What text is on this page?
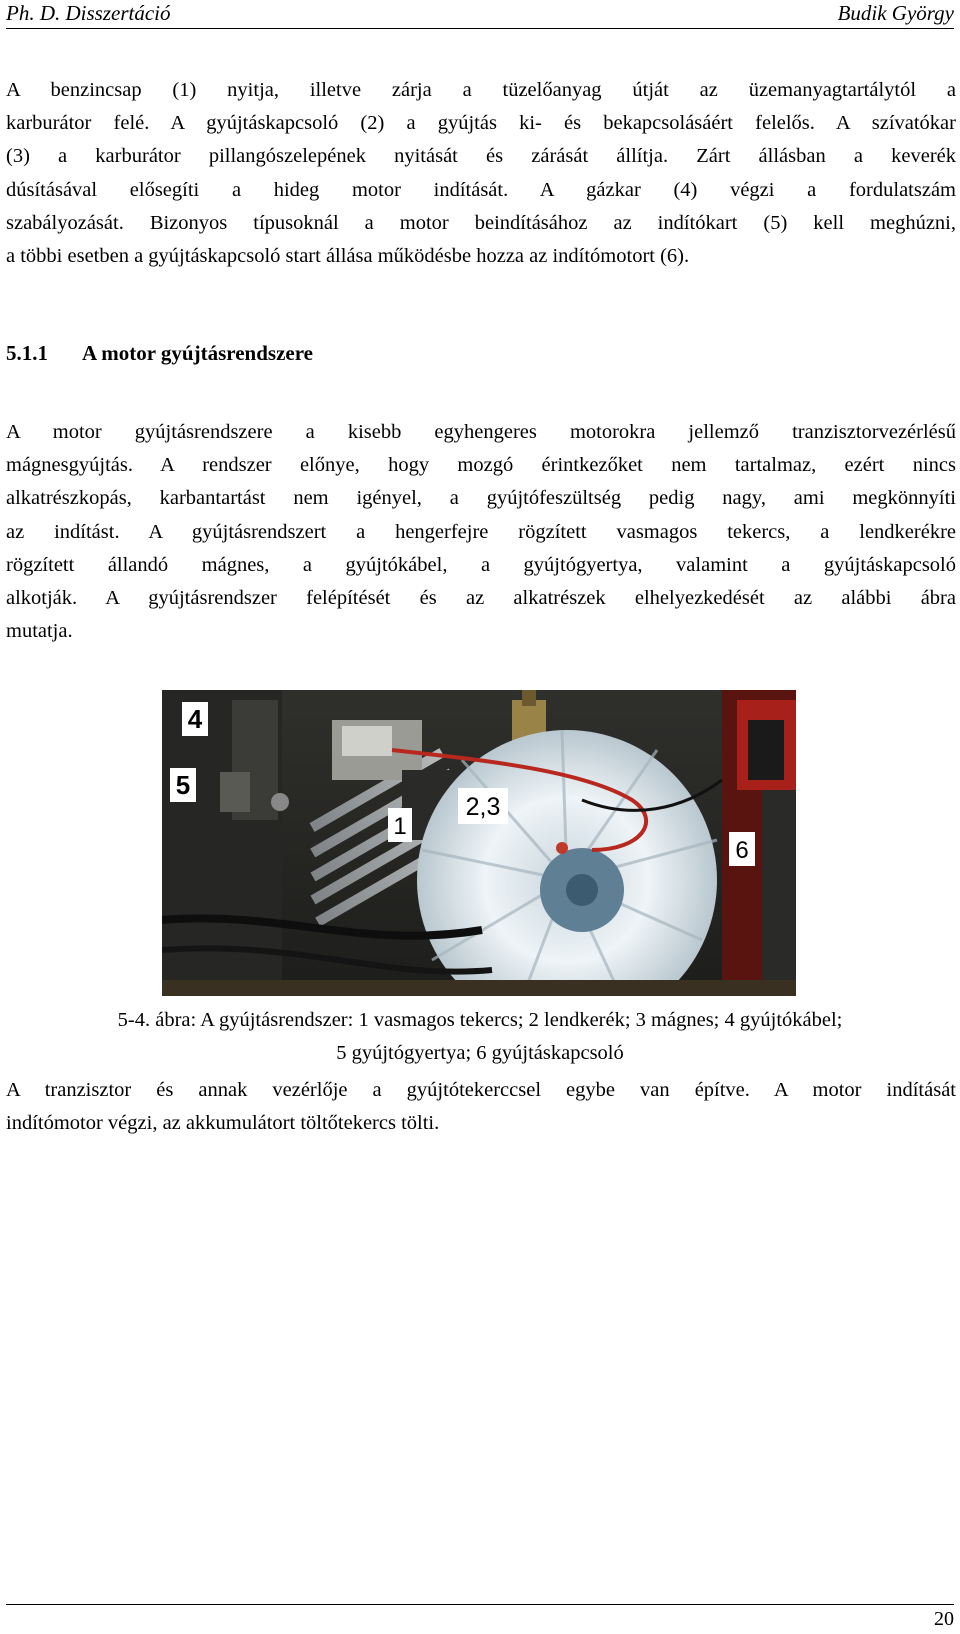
Ph. D. Disszertáció	Budik György

A benzincsap (1) nyitja, illetve zárja a tüzelőanyag útját az üzemanyagtartálytól a
karburátor felé. A gyújtáskapcsoló (2) a gyújtás ki- és bekapcsolásáért felelős. A szívatókar
(3) a karburátor pillangószelepének nyitását és zárását állítja. Zárt állásban a keverék
dúsításával elősegíti a hideg motor indítását. A gázkar (4) végzi a fordulatszám
szabályozását. Bizonyos típusoknál a motor beindításához az indítókart (5) kell meghúzni,
a többi esetben a gyújtáskapcsoló start állása működésbe hozza az indítómotort (6).

5.1.1 A motor gyújtásrendszere

A motor gyújtásrendszere a kisebb egyhengeres motorokra jellemző tranzisztorvezérlésű
mágnesgyújtás. A rendszer előnye, hogy mozgó érintkezőket nem tartalmaz, ezért nincs
alkatrészkopás, karbantartást nem igényel, a gyújtófeszültség pedig nagy, ami megkönnyíti
az indítást. A gyújtásrendszert a hengerfejre rögzített vasmagos tekercs, a lendkerékre
rögzített állandó mágnes, a gyújtókábel, a gyújtógyertya, valamint a gyújtáskapcsoló
alkotják. A gyújtásrendszer felépítését és az alkatrészek elhelyezkedését az alábbi ábra
mutatja.

4
5
1
2,3
6
5-4. ábra: A gyújtásrendszer: 1 vasmagos tekercs; 2 lendkerék; 3 mágnes; 4 gyújtókábel;
5 gyújtógyertya; 6 gyújtáskapcsoló

A tranzisztor és annak vezérlője a gyújtótekerccsel egybe van építve. A motor indítását
indítómotor végzi, az akkumulátort töltőtekercs tölti.

20
